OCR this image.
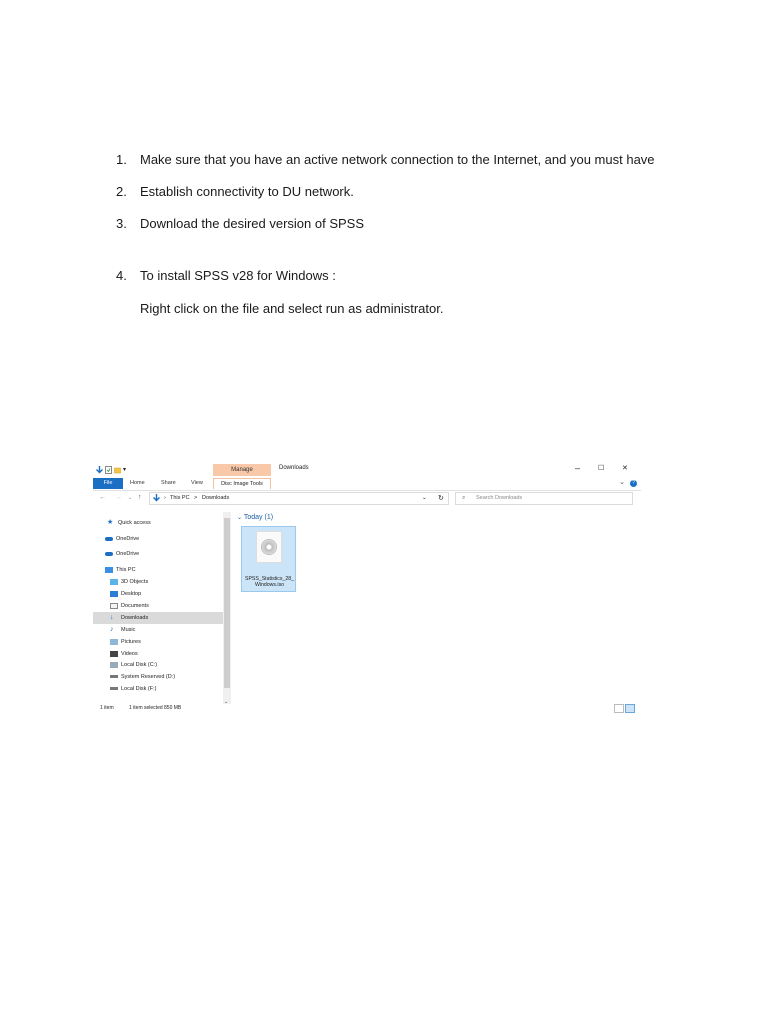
1.	Make sure that you have an active network connection to the Internet, and you must have
2.	Establish connectivity to DU network.
3.	Download the desired version of SPSS
4.	To install SPSS v28 for Windows :
Right click on the file and select run as administrator.
▾	Manage	Downloads	–	☐	✕
File	Home	Share	View	Disc Image Tools	⌄	?
← → ⌄ ↑	› This PC > Downloads	⌄ ↻	⌕ Search Downloads
★ Quick access
OneDrive
OneDrive
This PC
3D Objects
Desktop
Documents
↓ Downloads
♪ Music
Pictures
Videos
Local Disk (C:)
System Reserved (D:)
Local Disk (F:)
⌄
⌄ Today (1)
SPSS_Statistics_28_Windows.iso
1 item	1 item selected 850 MB
